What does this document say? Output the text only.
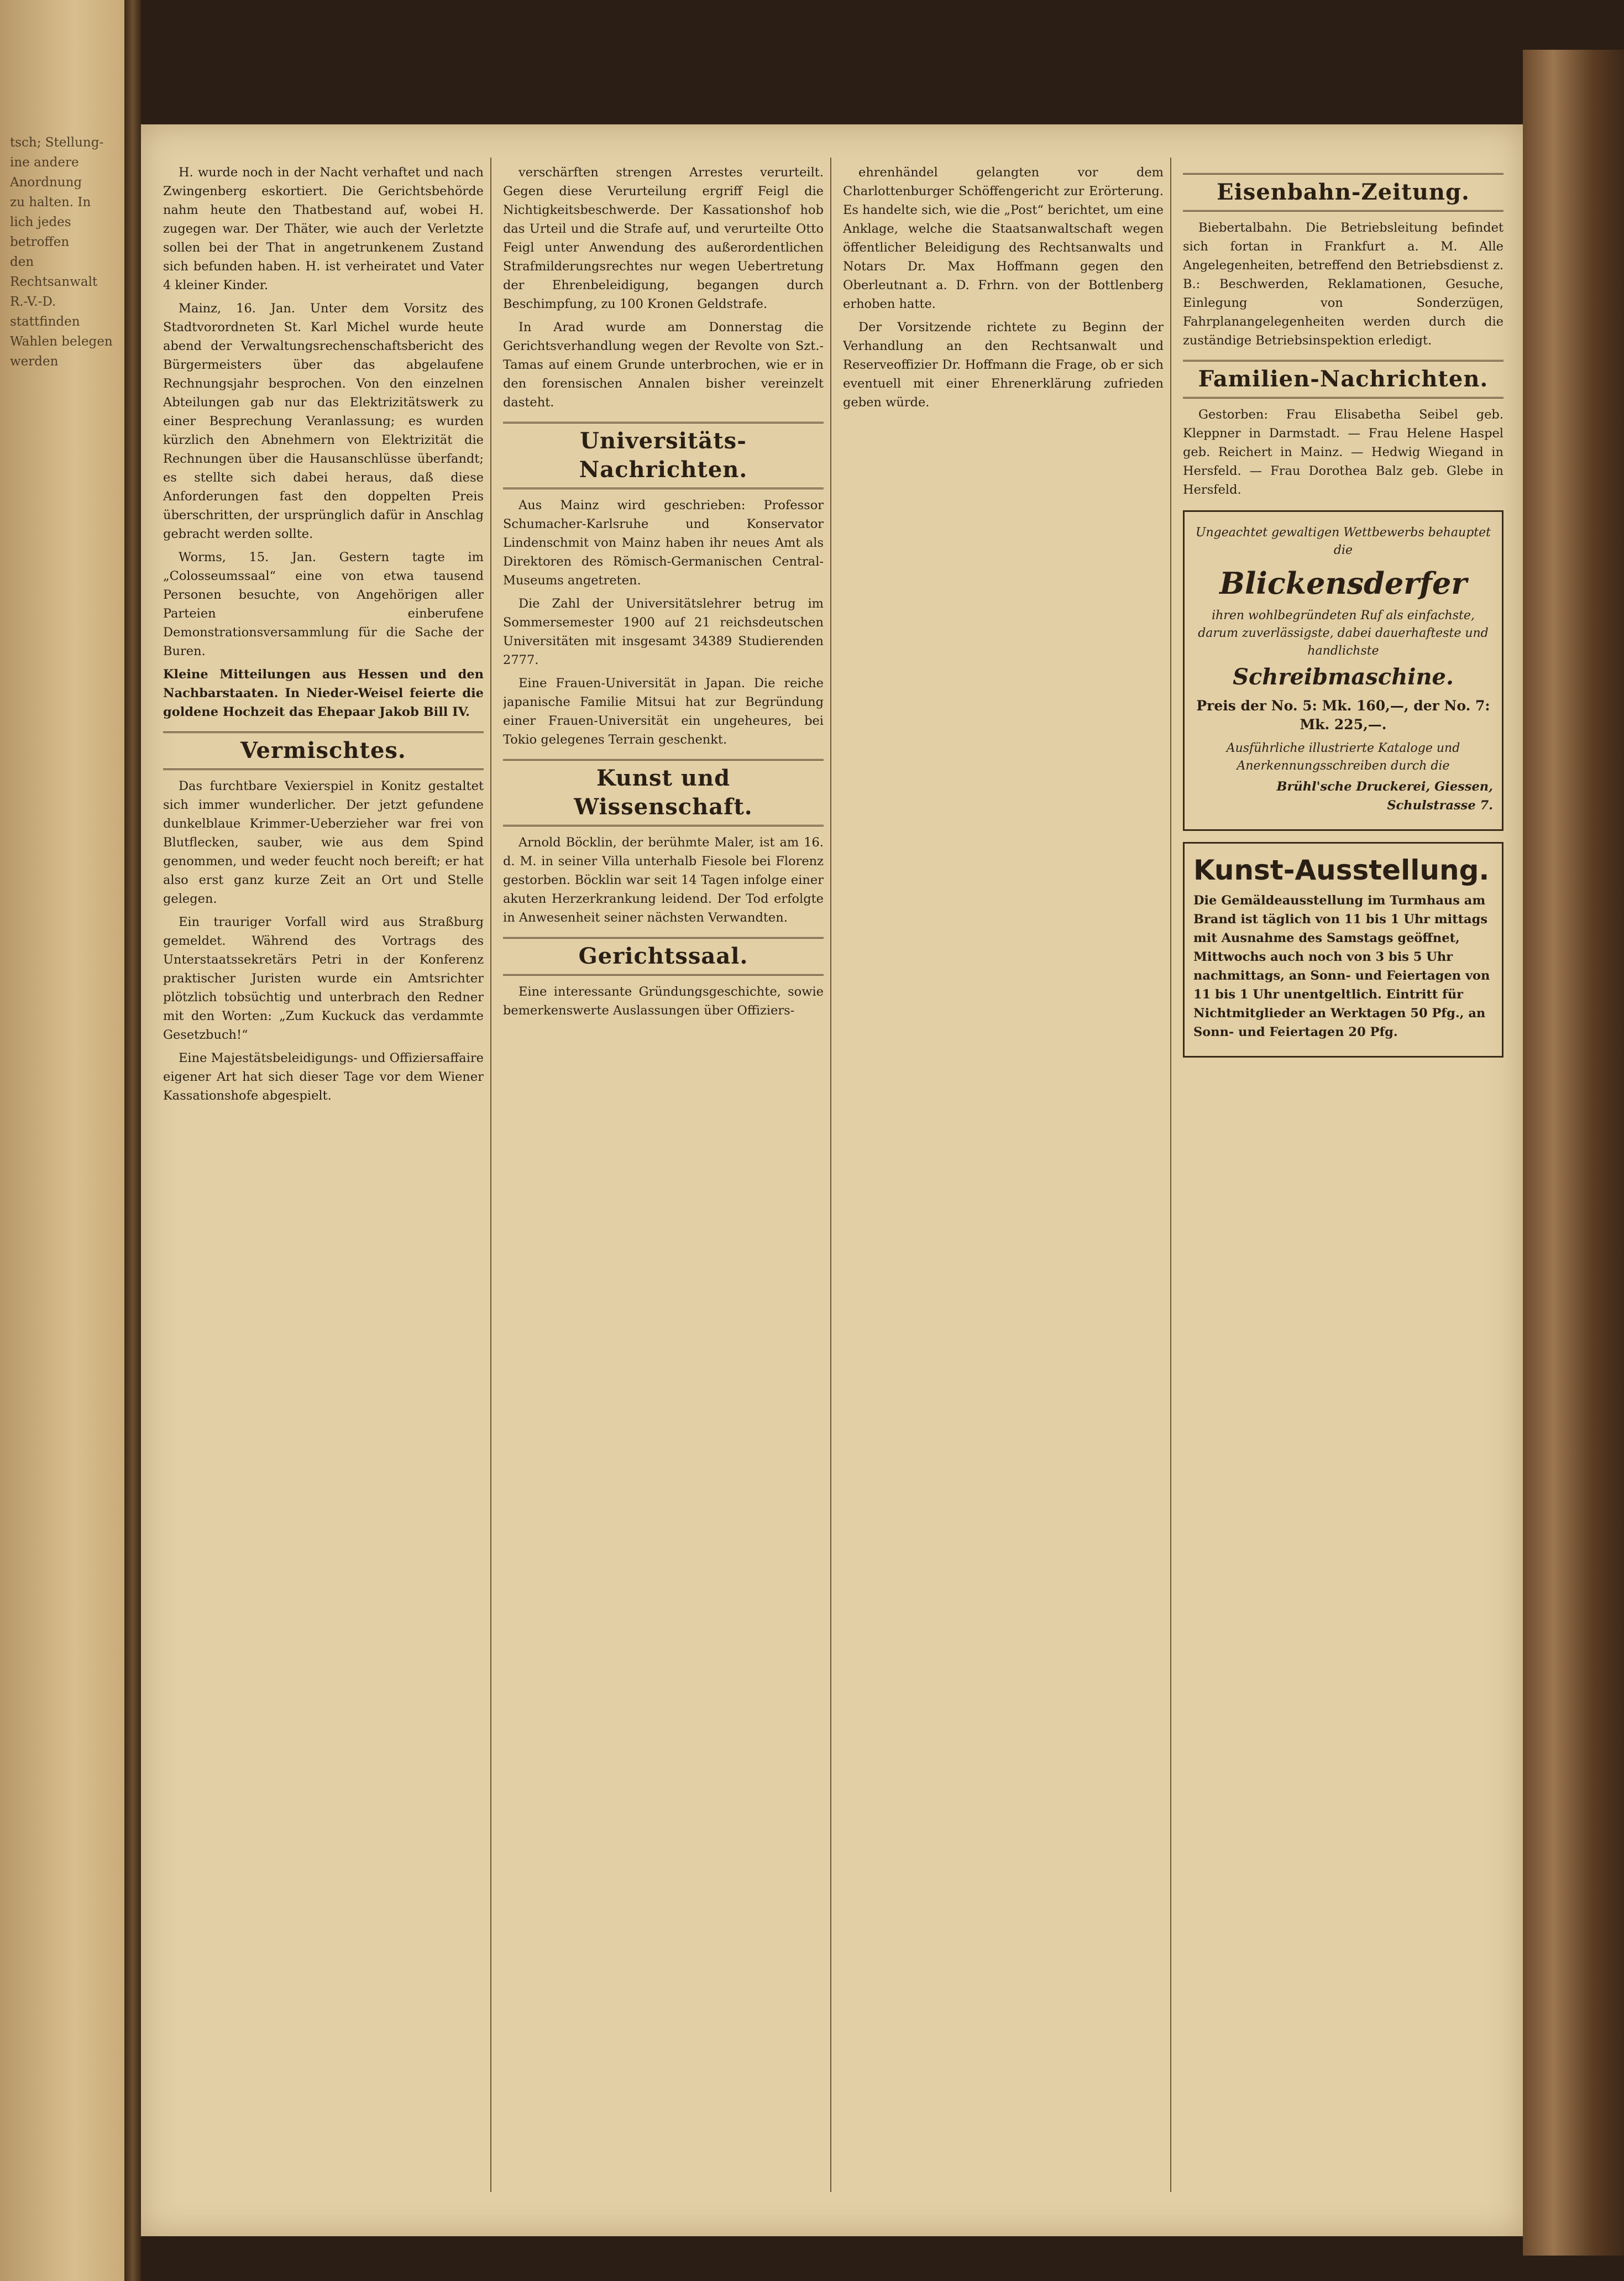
tsch; Stellung-
ine andere Anordnung
zu halten. In
lich jedes betroffen
den Rechtsanwalt
R.-V.-D. stattfinden
Wahlen belegen werden

H. wurde noch in der Nacht verhaftet und nach Zwingenberg eskortiert. Die Gerichtsbehörde nahm heute den Thatbestand auf, wobei H. zugegen war. Der Thäter, wie auch der Verletzte sollen bei der That in angetrunkenem Zustand sich befunden haben. H. ist verheiratet und Vater 4 kleiner Kinder.

Mainz, 16. Jan. Unter dem Vorsitz des Stadtvorordneten St. Karl Michel wurde heute abend der Verwaltungsrechenschaftsbericht des Bürgermeisters über das abgelaufene Rechnungsjahr besprochen. Von den einzelnen Abteilungen gab nur das Elektrizitätswerk zu einer Besprechung Veranlassung; es wurden kürzlich den Abnehmern von Elektrizität die Rechnungen über die Hausanschlüsse überfandt; es stellte sich dabei heraus, daß diese Anforderungen fast den doppelten Preis überschritten, der ursprünglich dafür in Anschlag gebracht werden sollte.

Worms, 15. Jan. Gestern tagte im „Colosseumssaal“ eine von etwa tausend Personen besuchte, von Angehörigen aller Parteien einberufene Demonstrationsversammlung für die Sache der Buren.

Kleine Mitteilungen aus Hessen und den Nachbarstaaten. In Nieder-Weisel feierte die goldene Hochzeit das Ehepaar Jakob Bill IV.

Vermischtes.

Das furchtbare Vexierspiel in Konitz gestaltet sich immer wunderlicher. Der jetzt gefundene dunkelblaue Krimmer-Ueberzieher war frei von Blutflecken, sauber, wie aus dem Spind genommen, und weder feucht noch bereift; er hat also erst ganz kurze Zeit an Ort und Stelle gelegen.

Ein trauriger Vorfall wird aus Straßburg gemeldet. Während des Vortrags des Unterstaatssekretärs Petri in der Konferenz praktischer Juristen wurde ein Amtsrichter plötzlich tobsüchtig und unterbrach den Redner mit den Worten: „Zum Kuckuck das verdammte Gesetzbuch!“

Eine Majestätsbeleidigungs- und Offiziersaffaire eigener Art hat sich dieser Tage vor dem Wiener Kassationshofe abgespielt.

verschärften strengen Arrestes verurteilt. Gegen diese Verurteilung ergriff Feigl die Nichtigkeitsbeschwerde. Der Kassationshof hob das Urteil und die Strafe auf, und verurteilte Otto Feigl unter Anwendung des außerordentlichen Strafmilderungsrechtes nur wegen Uebertretung der Ehrenbeleidigung, begangen durch Beschimpfung, zu 100 Kronen Geldstrafe.

In Arad wurde am Donnerstag die Gerichtsverhandlung wegen der Revolte von Szt.-Tamas auf einem Grunde unterbrochen, wie er in den forensischen Annalen bisher vereinzelt dasteht.

Universitäts-Nachrichten.

Aus Mainz wird geschrieben: Professor Schumacher-Karlsruhe und Konservator Lindenschmit von Mainz haben ihr neues Amt als Direktoren des Römisch-Germanischen Central-Museums angetreten.

Die Zahl der Universitätslehrer betrug im Sommersemester 1900 auf 21 reichsdeutschen Universitäten mit insgesamt 34389 Studierenden 2777.

Eine Frauen-Universität in Japan. Die reiche japanische Familie Mitsui hat zur Begründung einer Frauen-Universität ein ungeheures, bei Tokio gelegenes Terrain geschenkt.

Kunst und Wissenschaft.

Arnold Böcklin, der berühmte Maler, ist am 16. d. M. in seiner Villa unterhalb Fiesole bei Florenz gestorben. Böcklin war seit 14 Tagen infolge einer akuten Herzerkrankung leidend. Der Tod erfolgte in Anwesenheit seiner nächsten Verwandten.

Gerichtssaal.

Eine interessante Gründungsgeschichte, sowie bemerkenswerte Auslassungen über Offiziers-

ehrenhändel gelangten vor dem Charlottenburger Schöffengericht zur Erörterung. Es handelte sich, wie die „Post“ berichtet, um eine Anklage, welche die Staatsanwaltschaft wegen öffentlicher Beleidigung des Rechtsanwalts und Notars Dr. Max Hoffmann gegen den Oberleutnant a. D. Frhrn. von der Bottlenberg erhoben hatte.

Der Vorsitzende richtete zu Beginn der Verhandlung an den Rechtsanwalt und Reserveoffizier Dr. Hoffmann die Frage, ob er sich eventuell mit einer Ehrenerklärung zufrieden geben würde.

Eisenbahn-Zeitung.

Biebertalbahn. Die Betriebsleitung befindet sich fortan in Frankfurt a. M. Alle Angelegenheiten, betreffend den Betriebsdienst z. B.: Beschwerden, Reklamationen, Gesuche, Einlegung von Sonderzügen, Fahrplanangelegenheiten werden durch die zuständige Betriebsinspektion erledigt.

Familien-Nachrichten.

Gestorben: Frau Elisabetha Seibel geb. Kleppner in Darmstadt. — Frau Helene Haspel geb. Reichert in Mainz. — Hedwig Wiegand in Hersfeld. — Frau Dorothea Balz geb. Glebe in Hersfeld.

Ungeachtet gewaltigen Wettbewerbs behauptet die

Blickensderfer

ihren wohlbegründeten Ruf als einfachste, darum zuverlässigste, dabei dauerhafteste und handlichste

Schreibmaschine.

Preis der No. 5: Mk. 160,—, der No. 7: Mk. 225,—.

Ausführliche illustrierte Kataloge und Anerkennungsschreiben durch die

Brühl'sche Druckerei, Giessen, Schulstrasse 7.

Kunst-Ausstellung.

Die Gemäldeausstellung im Turmhaus am Brand ist täglich von 11 bis 1 Uhr mittags mit Ausnahme des Samstags geöffnet, Mittwochs auch noch von 3 bis 5 Uhr nachmittags, an Sonn- und Feiertagen von 11 bis 1 Uhr unentgeltlich. Eintritt für Nichtmitglieder an Werktagen 50 Pfg., an Sonn- und Feiertagen 20 Pfg.
